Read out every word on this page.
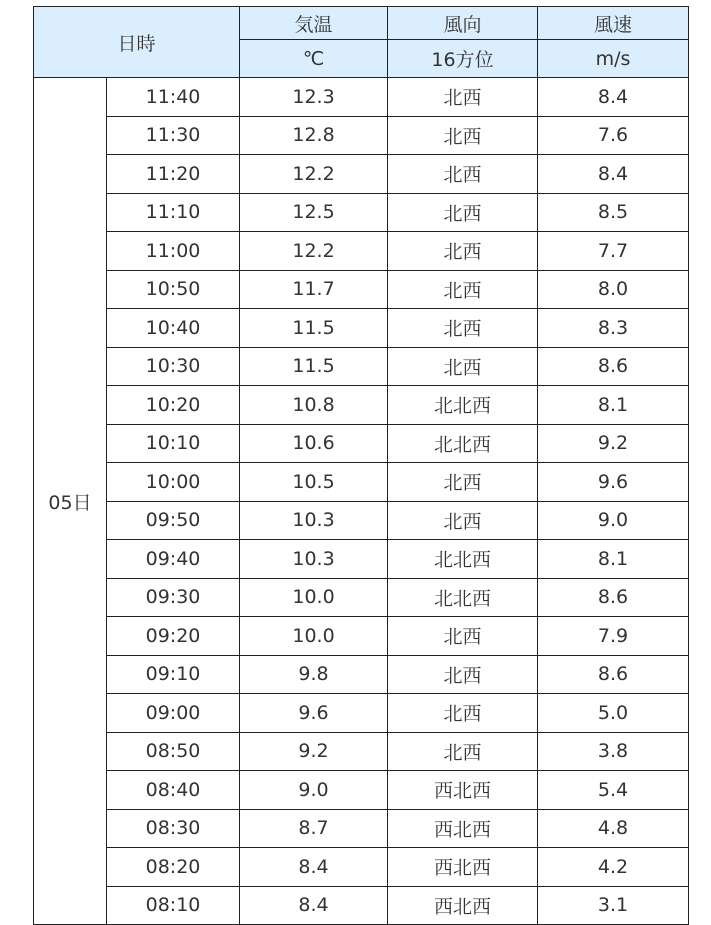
日時		気温	風向	風速
		℃	16方位	m/s
05日	11:40	12.3	北西	8.4
	11:30	12.8	北西	7.6
	11:20	12.2	北西	8.4
	11:10	12.5	北西	8.5
	11:00	12.2	北西	7.7
	10:50	11.7	北西	8.0
	10:40	11.5	北西	8.3
	10:30	11.5	北西	8.6
	10:20	10.8	北北西	8.1
	10:10	10.6	北北西	9.2
	10:00	10.5	北西	9.6
	09:50	10.3	北西	9.0
	09:40	10.3	北北西	8.1
	09:30	10.0	北北西	8.6
	09:20	10.0	北西	7.9
	09:10	9.8	北西	8.6
	09:00	9.6	北西	5.0
	08:50	9.2	北西	3.8
	08:40	9.0	西北西	5.4
	08:30	8.7	西北西	4.8
	08:20	8.4	西北西	4.2
	08:10	8.4	西北西	3.1
